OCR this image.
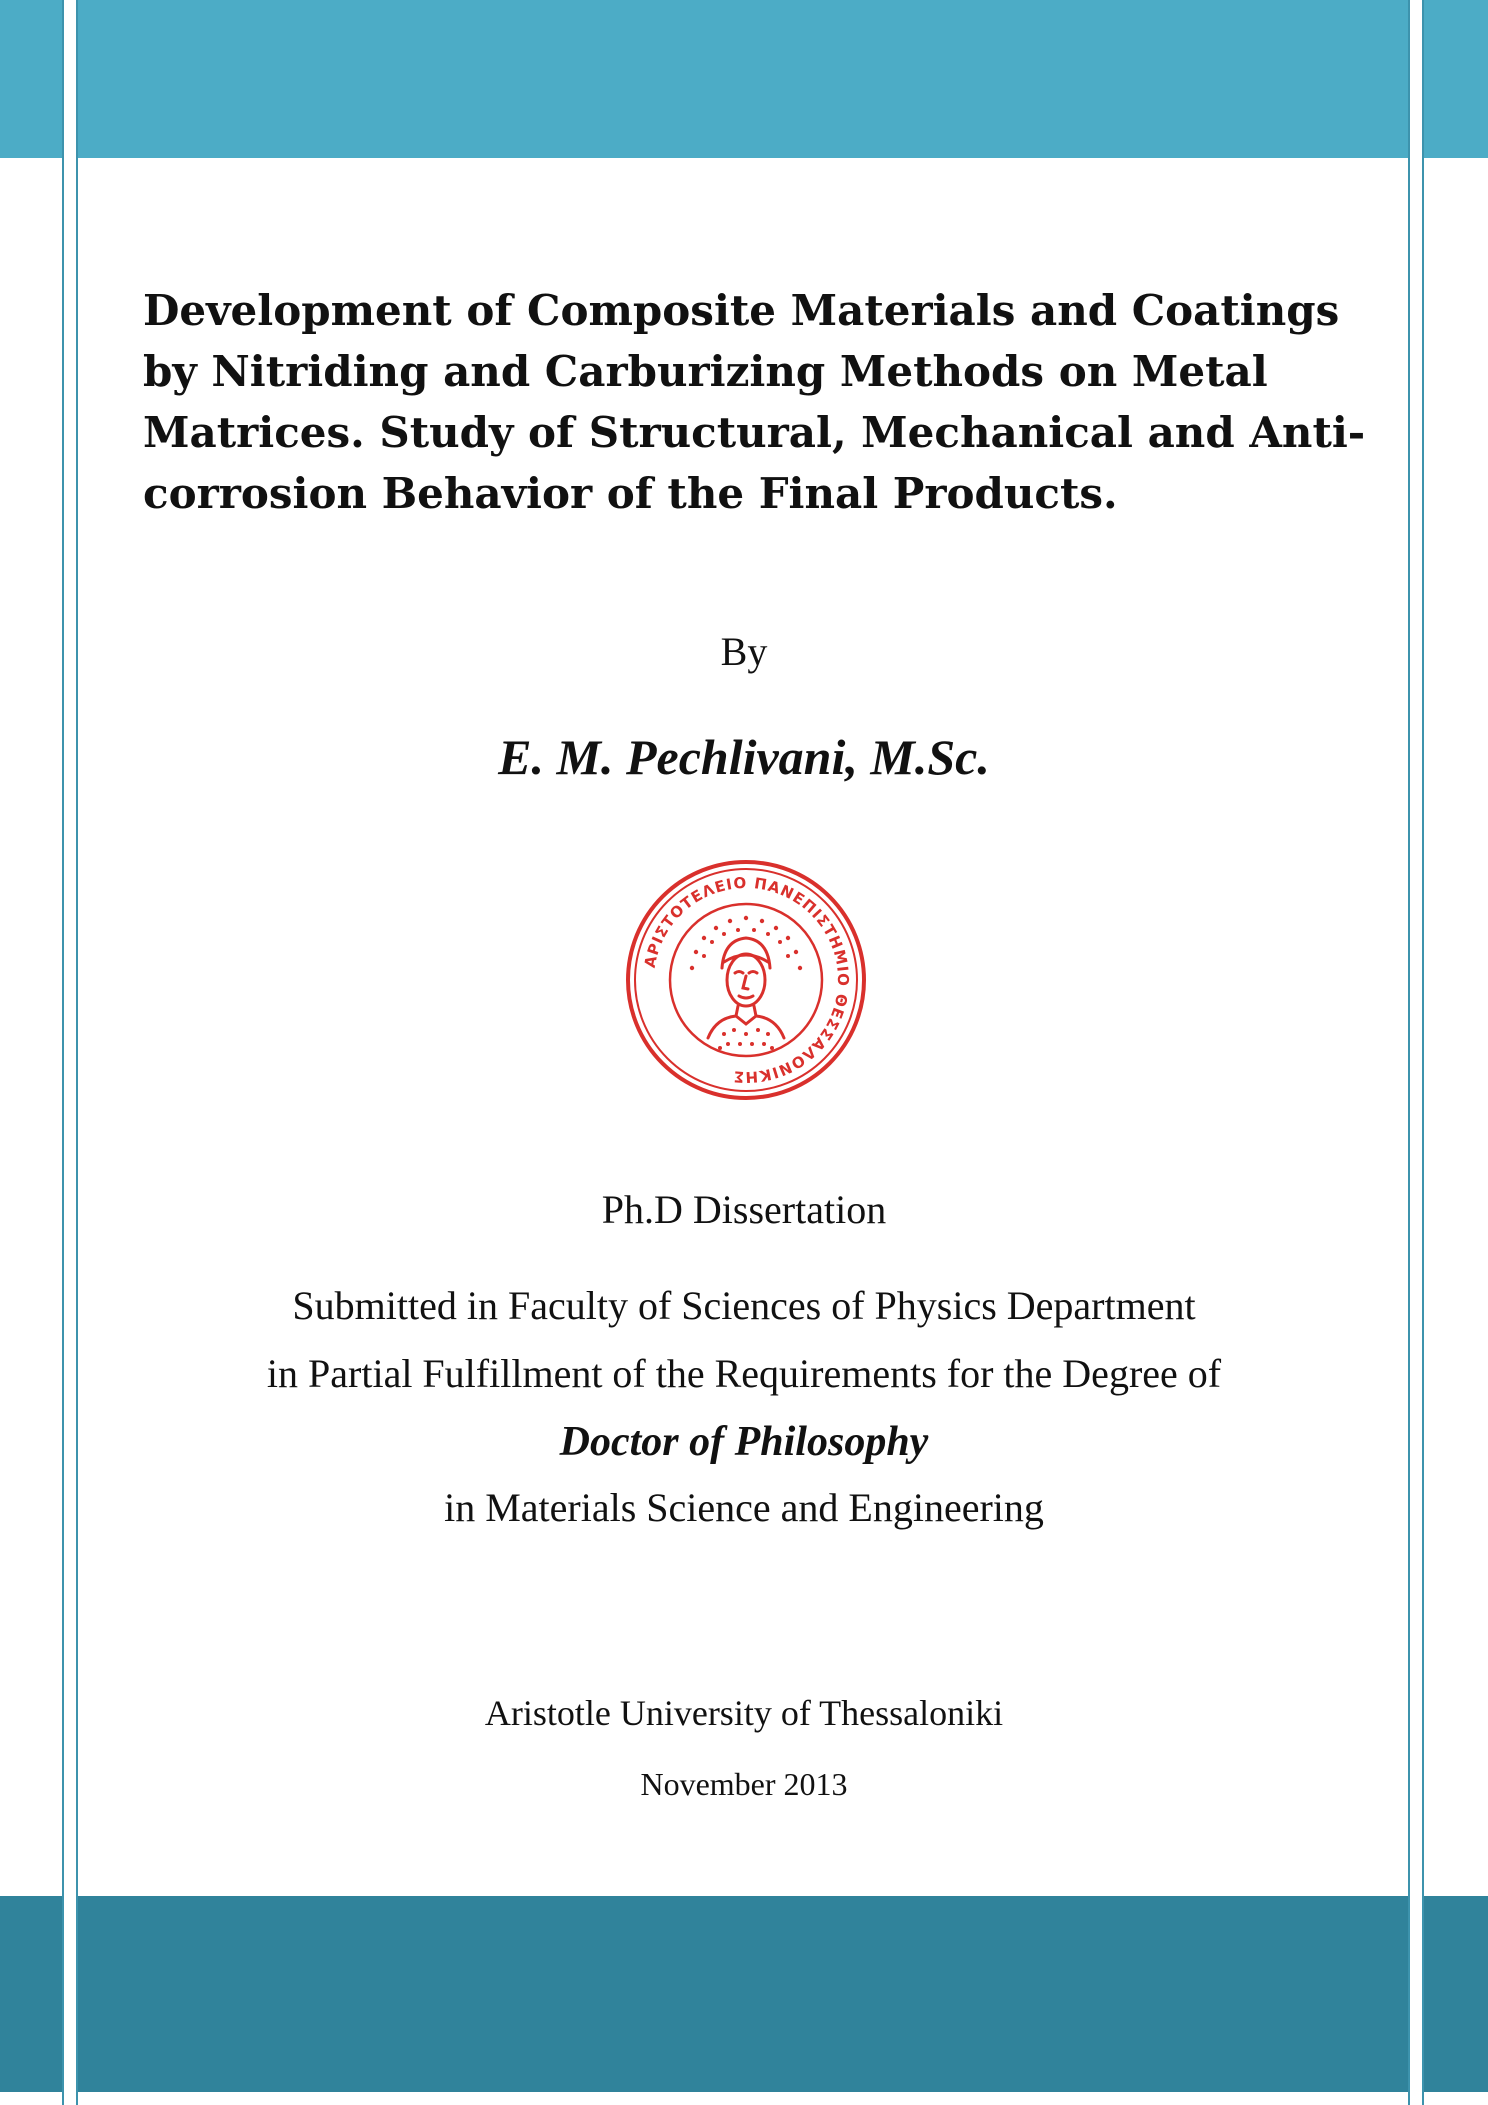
Development of Composite Materials and Coatings
by Nitriding and Carburizing Methods on Metal
Matrices. Study of Structural, Mechanical and Anti-
corrosion Behavior of the Final Products.
By
E. M. Pechlivani, M.Sc.
ΑΡΙΣΤΟΤΕΛΕΙΟ ΠΑΝΕΠΙΣΤΗΜΙΟ ΘΕΣΣΑΛΟΝΙΚΗΣ
Ph.D Dissertation
Submitted in Faculty of Sciences of Physics Department
in Partial Fulfillment of the Requirements for the Degree of
Doctor of Philosophy
in Materials Science and Engineering
Aristotle University of Thessaloniki
November 2013
